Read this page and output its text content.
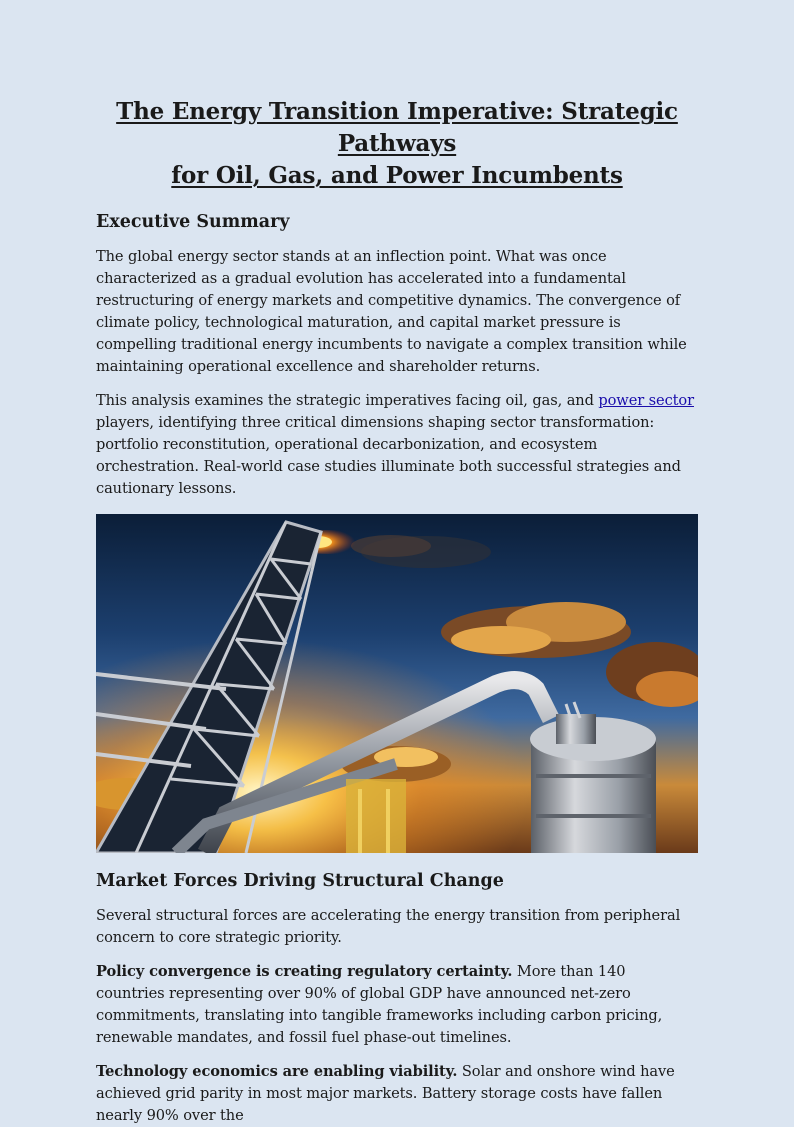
The Energy Transition Imperative: Strategic Pathways
for Oil, Gas, and Power Incumbents
Executive Summary

The global energy sector stands at an inflection point. What was once characterized as a gradual evolution has accelerated into a fundamental restructuring of energy markets and competitive dynamics. The convergence of climate policy, technological maturation, and capital market pressure is compelling traditional energy incumbents to navigate a complex transition while maintaining operational excellence and shareholder returns.

This analysis examines the strategic imperatives facing oil, gas, and power sector players, identifying three critical dimensions shaping sector transformation: portfolio reconstitution, operational decarbonization, and ecosystem orchestration. Real-world case studies illuminate both successful strategies and cautionary lessons.

Market Forces Driving Structural Change

Several structural forces are accelerating the energy transition from peripheral concern to core strategic priority.

Policy convergence is creating regulatory certainty. More than 140 countries representing over 90% of global GDP have announced net-zero commitments, translating into tangible frameworks including carbon pricing, renewable mandates, and fossil fuel phase-out timelines.

Technology economics are enabling viability. Solar and onshore wind have achieved grid parity in most major markets. Battery storage costs have fallen nearly 90% over the
